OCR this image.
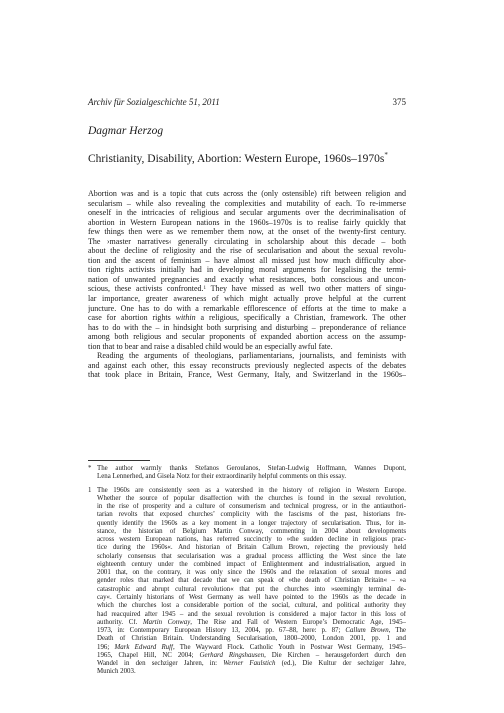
Archiv für Sozialgeschichte 51, 2011	375
Dagmar Herzog
Christianity, Disability, Abortion: Western Europe, 1960s–1970s*
Abortion was and is a topic that cuts across the (only ostensible) rift between religion and
secularism – while also revealing the complexities and mutability of each. To re-immerse
oneself in the intricacies of religious and secular arguments over the decriminalisation of
abortion in Western European nations in the 1960s–1970s is to realise fairly quickly that
few things then were as we remember them now, at the onset of the twenty-first century.
The ›master narratives‹ generally circulating in scholarship about this decade – both
about the decline of religiosity and the rise of secularisation and about the sexual revolu-
tion and the ascent of feminism – have almost all missed just how much difficulty abor-
tion rights activists initially had in developing moral arguments for legalising the termi-
nation of unwanted pregnancies and exactly what resistances, both conscious and uncon-
scious, these activists confronted.$^1$ They have missed as well two other matters of singu-
lar importance, greater awareness of which might actually prove helpful at the current
juncture. One has to do with a remarkable efflorescence of efforts at the time to make a
case for abortion rights within a religious, specifically a Christian, framework. The other
has to do with the – in hindsight both surprising and disturbing – preponderance of reliance
among both religious and secular proponents of expanded abortion access on the assump-
tion that to bear and raise a disabled child would be an especially awful fate.
Reading the arguments of theologians, parliamentarians, journalists, and feminists with
and against each other, this essay reconstructs previously neglected aspects of the debates
that took place in Britain, France, West Germany, Italy, and Switzerland in the 1960s–
* The author warmly thanks Stefanos Geroulanos, Stefan-Ludwig Hoffmann, Wannes Dupont,
Lena Lennerhed, and Gisela Notz for their extraordinarily helpful comments on this essay.
1 The 1960s are consistently seen as a watershed in the history of religion in Western Europe.
Whether the source of popular disaffection with the churches is found in the sexual revolution,
in the rise of prosperity and a culture of consumerism and technical progress, or in the antiauthori-
tarian revolts that exposed churches’ complicity with the fascisms of the past, historians fre-
quently identify the 1960s as a key moment in a longer trajectory of secularisation. Thus, for in-
stance, the historian of Belgium Martin Conway, commenting in 2004 about developments
across western European nations, has referred succinctly to »the sudden decline in religious prac-
tice during the 1960s«. And historian of Britain Callum Brown, rejecting the previously held
scholarly consensus that secularisation was a gradual process afflicting the West since the late
eighteenth century under the combined impact of Enlightenment and industrialisation, argued in
2001 that, on the contrary, it was only since the 1960s and the relaxation of sexual mores and
gender roles that marked that decade that we can speak of »the death of Christian Britain« – »a
catastrophic and abrupt cultural revolution« that put the churches into »seemingly terminal de-
cay«. Certainly historians of West Germany as well have pointed to the 1960s as the decade in
which the churches lost a considerable portion of the social, cultural, and political authority they
had reacquired after 1945 – and the sexual revolution is considered a major factor in this loss of
authority. Cf. Martin Conway, The Rise and Fall of Western Europe’s Democratic Age, 1945–
1973, in: Contemporary European History 13, 2004, pp. 67–88, here: p. 87; Callum Brown, The
Death of Christian Britain. Understanding Secularisation, 1800–2000, London 2001, pp. 1 and
196; Mark Edward Ruff, The Wayward Flock. Catholic Youth in Postwar West Germany, 1945–
1965, Chapel Hill, NC 2004; Gerhard Ringshausen, Die Kirchen – herausgefordert durch den
Wandel in den sechziger Jahren, in: Werner Faulstich (ed.), Die Kultur der sechziger Jahre,
Munich 2003.
